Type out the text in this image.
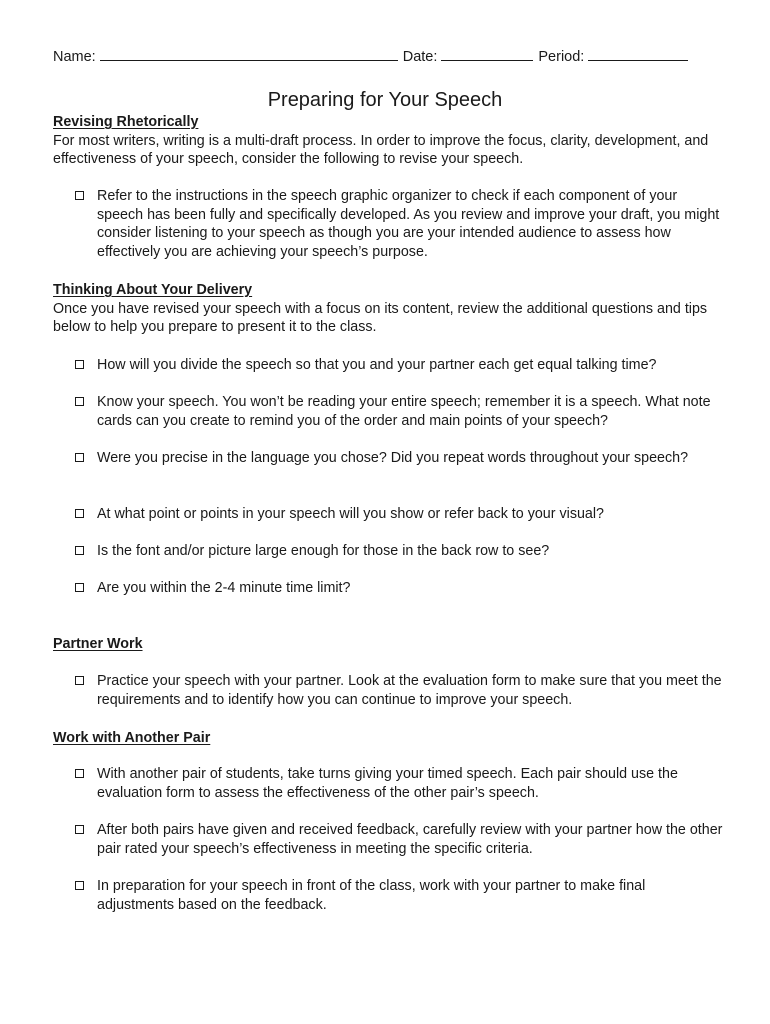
Name:	Date:	Period:
Preparing for Your Speech
Revising Rhetorically
For most writers, writing is a multi-draft process. In order to improve the focus, clarity, development, and effectiveness of your speech, consider the following to revise your speech.
Refer to the instructions in the speech graphic organizer to check if each component of your speech has been fully and specifically developed. As you review and improve your draft, you might consider listening to your speech as though you are your intended audience to assess how effectively you are achieving your speech’s purpose.
Thinking About Your Delivery
Once you have revised your speech with a focus on its content, review the additional questions and tips below to help you prepare to present it to the class.
How will you divide the speech so that you and your partner each get equal talking time?
Know your speech. You won’t be reading your entire speech; remember it is a speech. What note cards can you create to remind you of the order and main points of your speech?
Were you precise in the language you chose? Did you repeat words throughout your speech?
At what point or points in your speech will you show or refer back to your visual?
Is the font and/or picture large enough for those in the back row to see?
Are you within the 2-4 minute time limit?
Partner Work
Practice your speech with your partner. Look at the evaluation form to make sure that you meet the requirements and to identify how you can continue to improve your speech.
Work with Another Pair
With another pair of students, take turns giving your timed speech. Each pair should use the evaluation form to assess the effectiveness of the other pair’s speech.
After both pairs have given and received feedback, carefully review with your partner how the other pair rated your speech’s effectiveness in meeting the specific criteria.
In preparation for your speech in front of the class, work with your partner to make final adjustments based on the feedback.
